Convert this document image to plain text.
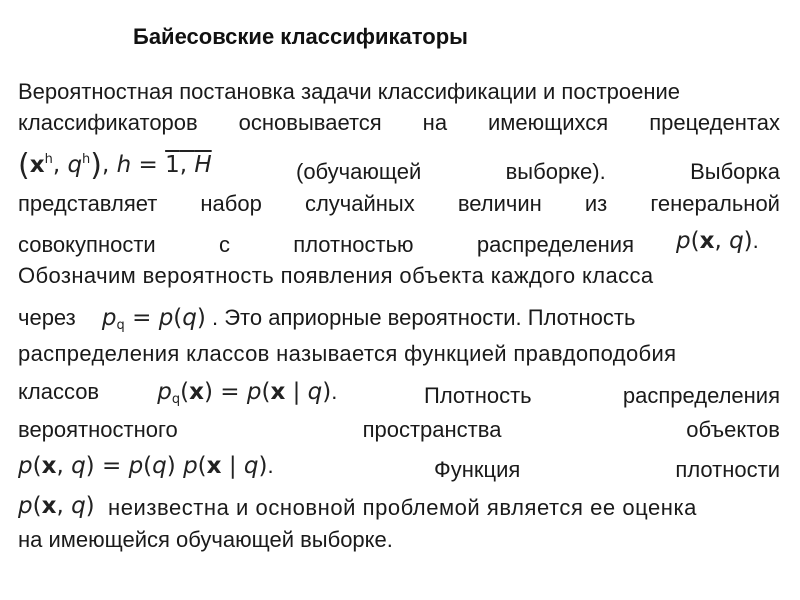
Байесовские классификаторы
Вероятностная постановка задачи классификации и построение
классификаторов основывается на имеющихся прецедентах
($x^h$, $q^h$), h = 1, H	(обучающей	выборке).	Выборка
представляет набор случайных величин из генеральной
совокупности	с	плотностью	распределения p(x, q).
Обозначим вероятность появления объекта каждого класса
через $p_q = p(q)$ . Это априорные вероятности. Плотность
распределения классов называется функцией правдоподобия
классов	$p_q(x) = p(x$ | q).	Плотность	распределения
вероятностного	пространства	объектов
p(x, q) = p(q) p(x | q).	Функция	плотности
p(x, q) неизвестна и основной проблемой является ее оценка
на имеющейся обучающей выборке.
